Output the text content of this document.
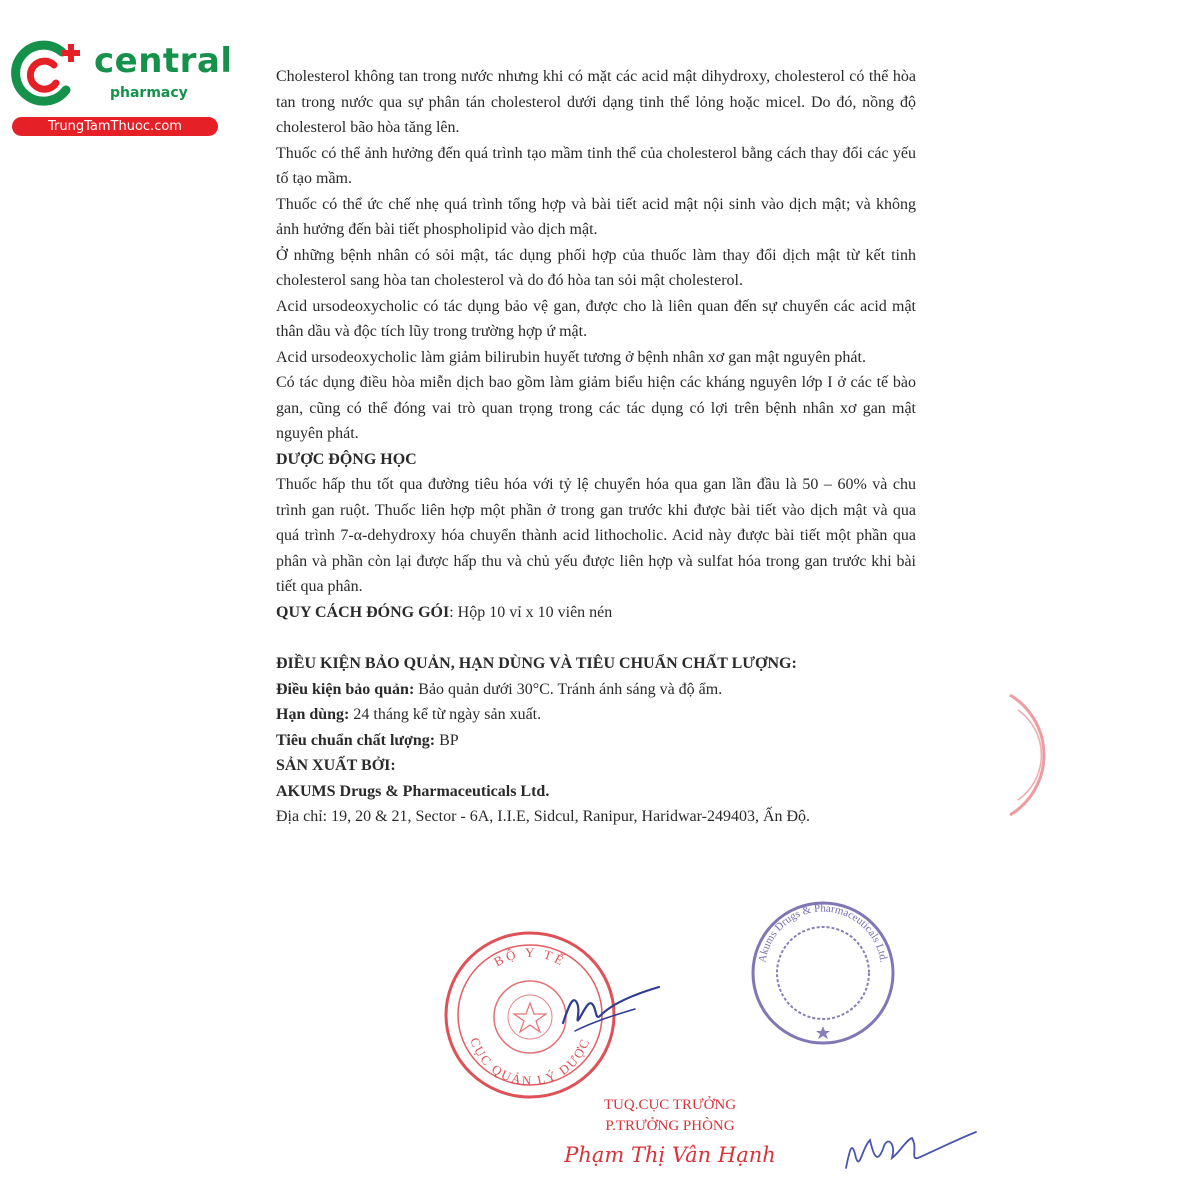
central
pharmacy
TrungTamThuoc.com

Cholesterol không tan trong nước nhưng khi có mặt các acid mật dihydroxy, cholesterol có thể hòa tan trong nước qua sự phân tán cholesterol dưới dạng tinh thể lỏng hoặc micel. Do đó, nồng độ cholesterol bão hòa tăng lên.

Thuốc có thể ảnh hưởng đến quá trình tạo mầm tinh thể của cholesterol bằng cách thay đổi các yếu tố tạo mầm.

Thuốc có thể ức chế nhẹ quá trình tổng hợp và bài tiết acid mật nội sinh vào dịch mật; và không ảnh hưởng đến bài tiết phospholipid vào dịch mật.

Ở những bệnh nhân có sỏi mật, tác dụng phối hợp của thuốc làm thay đổi dịch mật từ kết tinh cholesterol sang hòa tan cholesterol và do đó hòa tan sỏi mật cholesterol.

Acid ursodeoxycholic có tác dụng bảo vệ gan, được cho là liên quan đến sự chuyển các acid mật thân dầu và độc tích lũy trong trường hợp ứ mật.

Acid ursodeoxycholic làm giảm bilirubin huyết tương ở bệnh nhân xơ gan mật nguyên phát.

Có tác dụng điều hòa miễn dịch bao gồm làm giảm biểu hiện các kháng nguyên lớp I ở các tế bào gan, cũng có thể đóng vai trò quan trọng trong các tác dụng có lợi trên bệnh nhân xơ gan mật nguyên phát.

DƯỢC ĐỘNG HỌC

Thuốc hấp thu tốt qua đường tiêu hóa với tỷ lệ chuyển hóa qua gan lần đầu là 50 – 60% và chu trình gan ruột. Thuốc liên hợp một phần ở trong gan trước khi được bài tiết vào dịch mật và qua quá trình 7-α-dehydroxy hóa chuyển thành acid lithocholic. Acid này được bài tiết một phần qua phân và phần còn lại được hấp thu và chủ yếu được liên hợp và sulfat hóa trong gan trước khi bài tiết qua phân.

QUY CÁCH ĐÓNG GÓI: Hộp 10 vỉ x 10 viên nén

ĐIỀU KIỆN BẢO QUẢN, HẠN DÙNG VÀ TIÊU CHUẨN CHẤT LƯỢNG:

Điều kiện bảo quản: Bảo quản dưới 30°C. Tránh ánh sáng và độ ẩm.

Hạn dùng: 24 tháng kể từ ngày sản xuất.

Tiêu chuẩn chất lượng: BP

SẢN XUẤT BỞI:

AKUMS Drugs & Pharmaceuticals Ltd.

Địa chỉ: 19, 20 & 21, Sector - 6A, I.I.E, Sidcul, Ranipur, Haridwar-249403, Ấn Độ.

BỘ Y TẾ
CỤC QUẢN LÝ DƯỢC
Akums Drugs & Pharmaceuticals Ltd.
TUQ.CỤC TRƯỞNG
P.TRƯỞNG PHÒNG
Phạm Thị Vân Hạnh
